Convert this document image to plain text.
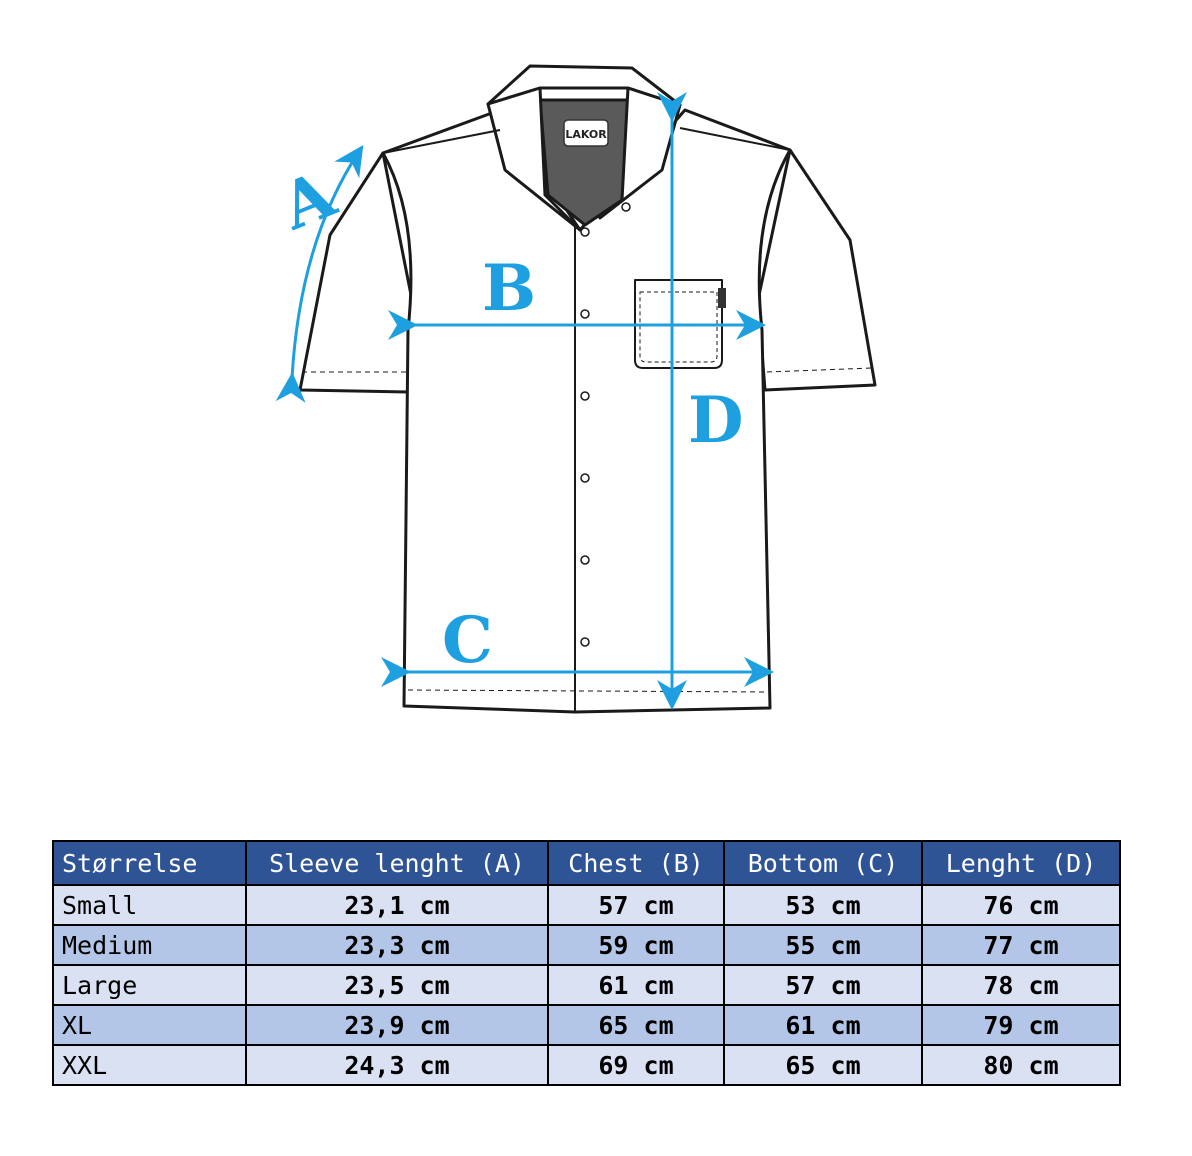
LAKOR
A
B
C
D
Størrelse	Sleeve lenght (A)	Chest (B)	Bottom (C)	Lenght (D)
Small	23,1 cm	57 cm	53 cm	76 cm
Medium	23,3 cm	59 cm	55 cm	77 cm
Large	23,5 cm	61 cm	57 cm	78 cm
XL	23,9 cm	65 cm	61 cm	79 cm
XXL	24,3 cm	69 cm	65 cm	80 cm
